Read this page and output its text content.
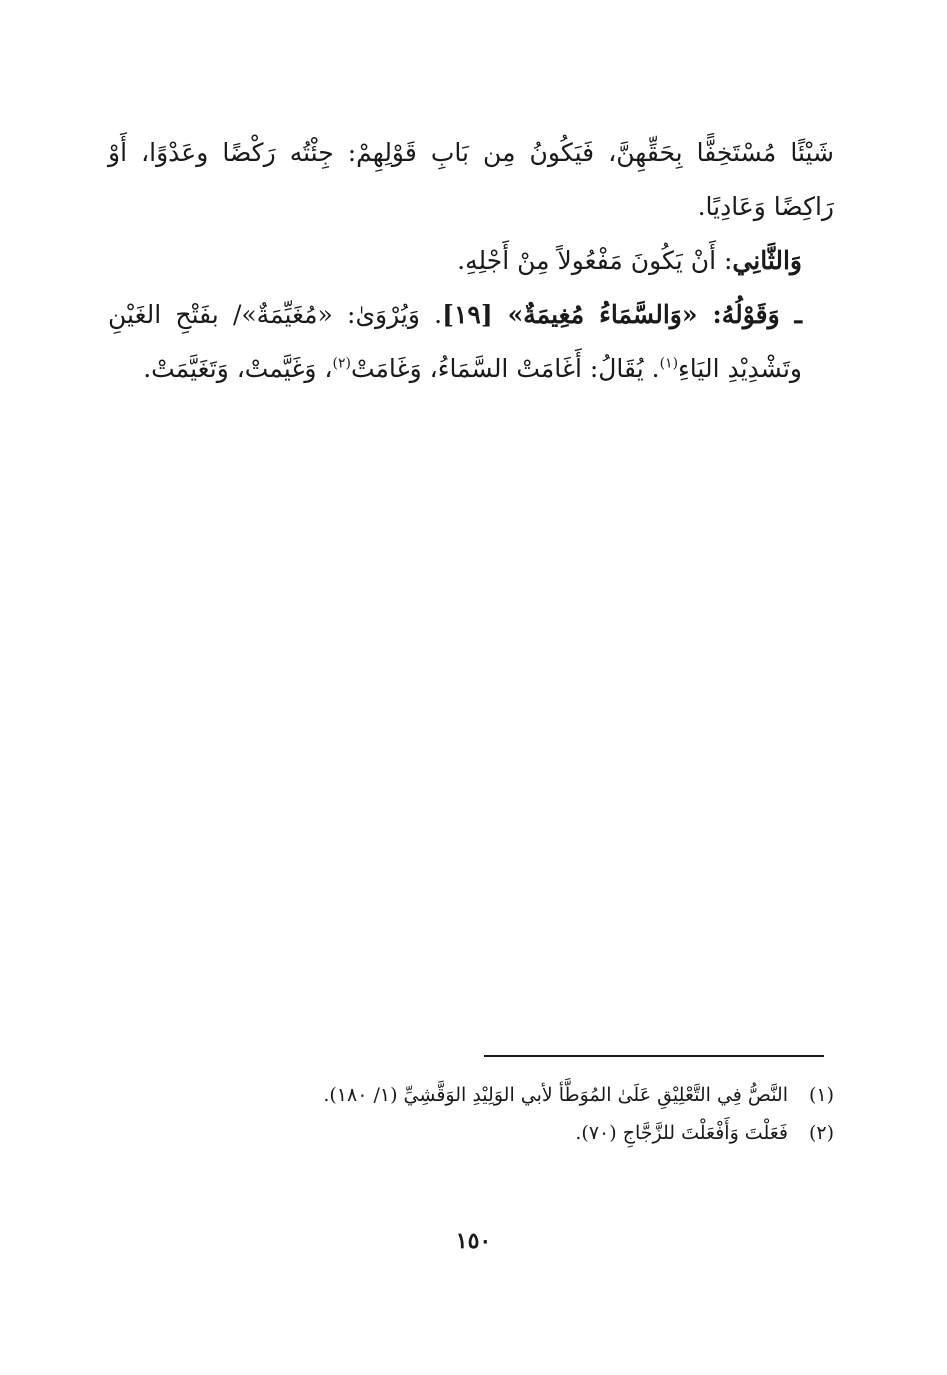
شَيْئًا مُسْتَخِفًّا بِحَقِّهِنَّ، فَيَكُونُ مِن بَابِ قَوْلِهِمْ: جِئْتُه رَكْضًا وعَدْوًا، أَوْ رَاكِضًا وَعَادِيًا.

وَالثَّانِي: أَنْ يَكُونَ مَفْعُولاً مِنْ أَجْلِهِ.

ـ وَقَوْلُهُ: «وَالسَّمَاءُ مُغِيمَةٌ» [١٩]. وَيُرْوَىٰ: «مُغَيِّمَةٌ»/ بفَتْحِ الغَيْنِ وتَشْدِيْدِ اليَاءِ$^{(١)}$. يُقَالُ: أَغَامَتْ السَّمَاءُ، وَغَامَتْ$^{(٢)}$، وَغَيَّمتْ، وَتَغَيَّمَتْ.

(١)
النَّصُّ فِي التَّعْلِيْقِ عَلَىٰ المُوَطَّأ لأبي الوَلِيْدِ الوَقَّشِيِّ (١/ ١٨٠).
(٢)
فَعَلْتَ وَأَفْعَلْتَ للزَّجَّاجِ (٧٠).
١٥٠
